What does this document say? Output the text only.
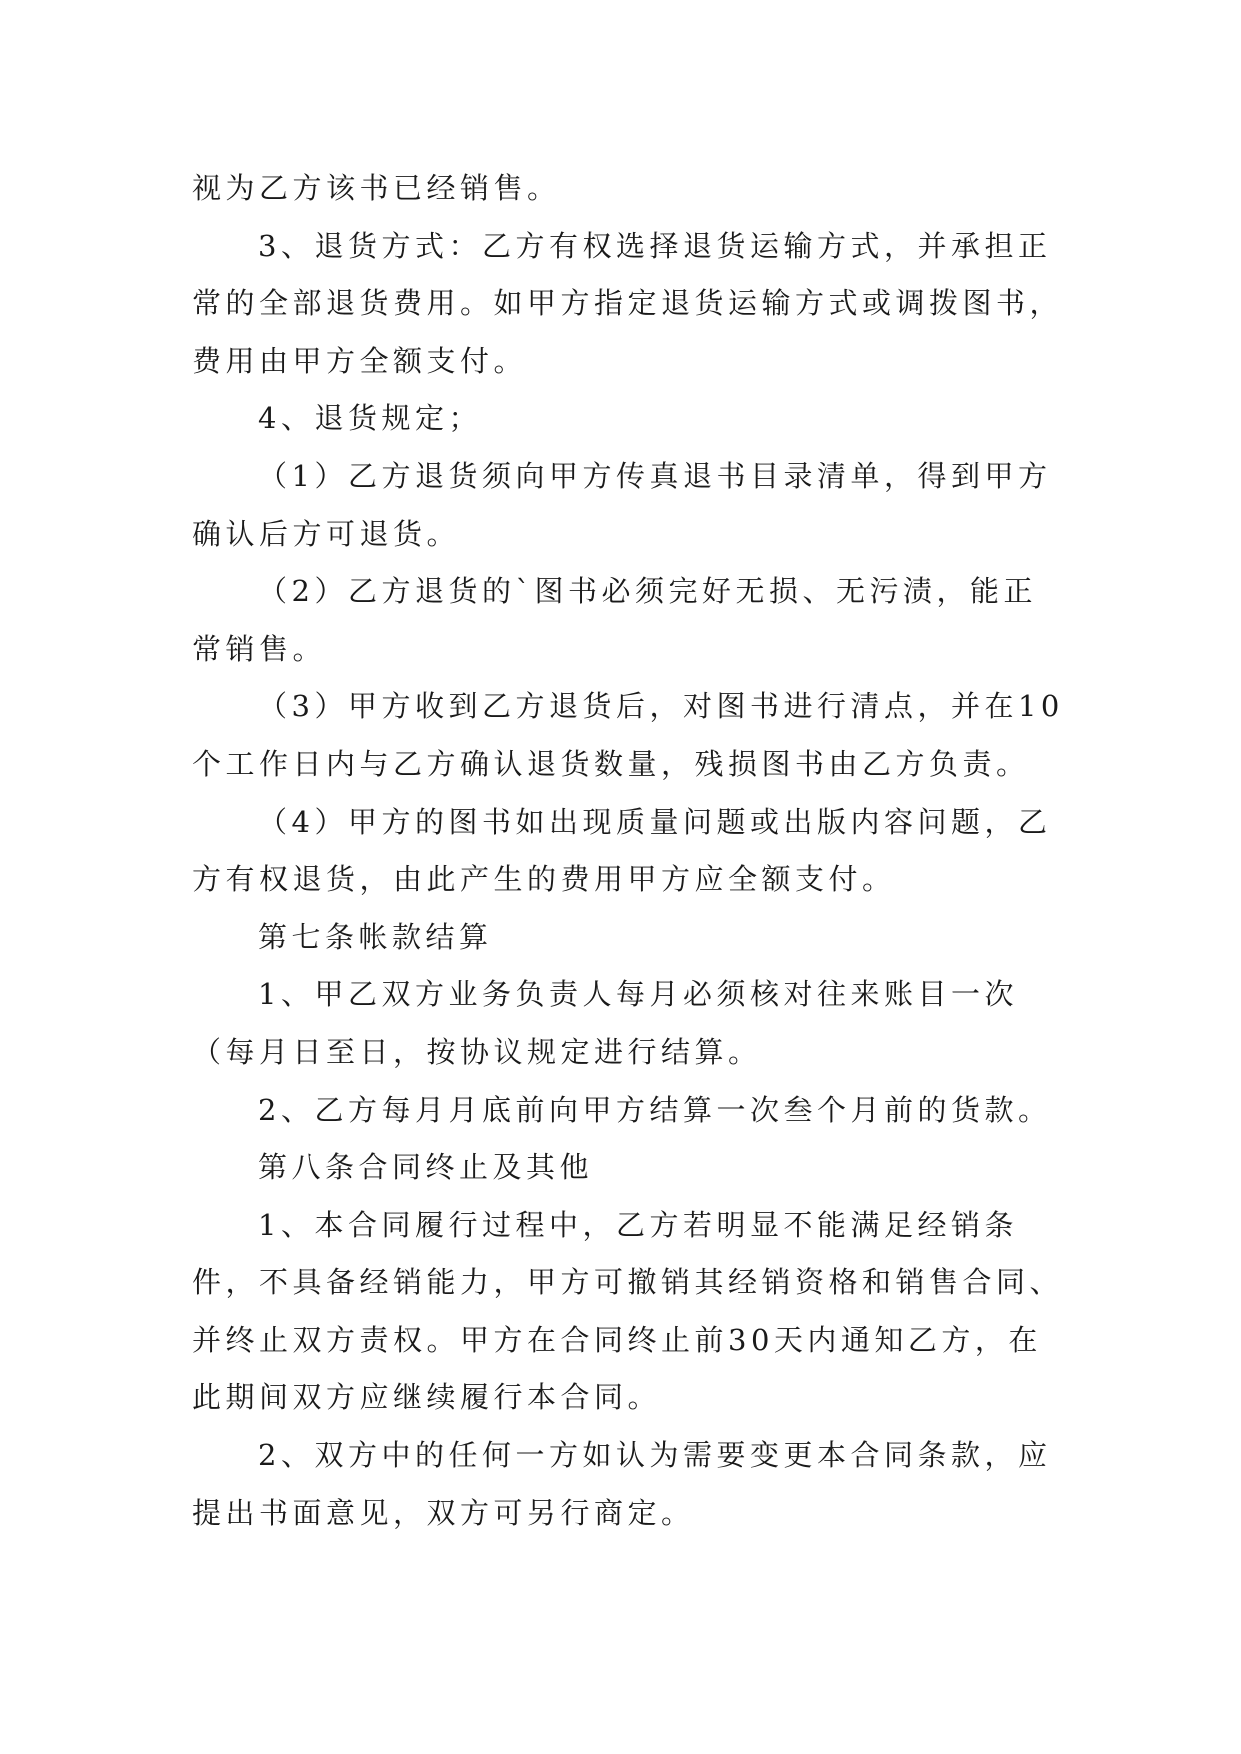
视为乙方该书已经销售。

3、退货方式：乙方有权选择退货运输方式，并承担正常的全部退货费用。如甲方指定退货运输方式或调拨图书，费用由甲方全额支付。

4、退货规定；

（1）乙方退货须向甲方传真退书目录清单，得到甲方确认后方可退货。

（2）乙方退货的`图书必须完好无损、无污渍，能正常销售。

（3）甲方收到乙方退货后，对图书进行清点，并在10个工作日内与乙方确认退货数量，残损图书由乙方负责。

（4）甲方的图书如出现质量问题或出版内容问题，乙方有权退货，由此产生的费用甲方应全额支付。

第七条帐款结算

1、甲乙双方业务负责人每月必须核对往来账目一次（每月日至日，按协议规定进行结算。

2、乙方每月月底前向甲方结算一次叁个月前的货款。

第八条合同终止及其他

1、本合同履行过程中，乙方若明显不能满足经销条件，不具备经销能力，甲方可撤销其经销资格和销售合同、并终止双方责权。甲方在合同终止前30天内通知乙方，在此期间双方应继续履行本合同。

2、双方中的任何一方如认为需要变更本合同条款，应提出书面意见，双方可另行商定。
